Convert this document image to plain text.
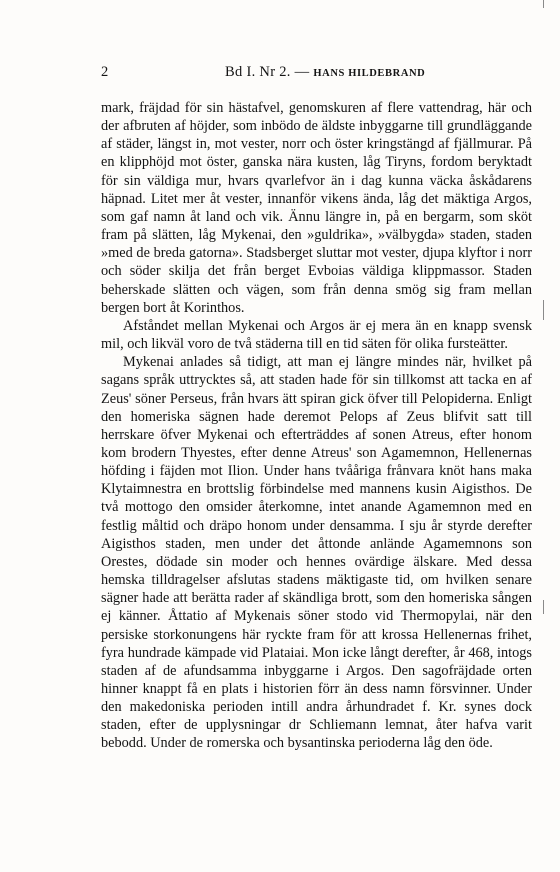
2	Bd I. Nr 2. — HANS HILDEBRAND

mark, fräjdad för sin hästafvel, genomskuren af flere vattendrag, här och der afbruten af höjder, som inbödo de äldste inbyggarne till grundläggande af städer, längst in, mot vester, norr och öster kringstängd af fjällmurar. På en klipphöjd mot öster, ganska nära kusten, låg Tiryns, fordom beryktadt för sin väldiga mur, hvars qvarlefvor än i dag kunna väcka åskådarens häpnad. Litet mer åt vester, innanför vikens ända, låg det mäktiga Argos, som gaf namn åt land och vik. Ännu längre in, på en bergarm, som sköt fram på slätten, låg Mykenai, den »guldrika», »välbygda» staden, staden »med de breda gatorna». Stadsberget sluttar mot vester, djupa klyftor i norr och söder skilja det från berget Evboias väldiga klippmassor. Staden beherskade slätten och vägen, som från denna smög sig fram mellan bergen bort åt Korinthos.

Afståndet mellan Mykenai och Argos är ej mera än en knapp svensk mil, och likväl voro de två städerna till en tid säten för olika fursteätter.

Mykenai anlades så tidigt, att man ej längre mindes när, hvilket på sagans språk uttrycktes så, att staden hade för sin tillkomst att tacka en af Zeus' söner Perseus, från hvars ätt spiran gick öfver till Pelopiderna. Enligt den homeriska sägnen hade deremot Pelops af Zeus blifvit satt till herrskare öfver Mykenai och efterträddes af sonen Atreus, efter honom kom brodern Thyestes, efter denne Atreus' son Agamemnon, Hellenernas höfding i fäjden mot Ilion. Under hans tvååriga frånvara knöt hans maka Klytaimnestra en brottslig förbindelse med mannens kusin Aigisthos. De två mottogo den omsider återkomne, intet anande Agamemnon med en festlig måltid och dräpo honom under densamma. I sju år styrde derefter Aigisthos staden, men under det åttonde anlände Agamemnons son Orestes, dödade sin moder och hennes ovärdige älskare. Med dessa hemska tilldragelser afslutas stadens mäktigaste tid, om hvilken senare sägner hade att berätta rader af skändliga brott, som den homeriska sången ej känner. Åttatio af Mykenais söner stodo vid Thermopylai, när den persiske storkonungens här ryckte fram för att krossa Hellenernas frihet, fyra hundrade kämpade vid Plataiai. Mon icke långt derefter, år 468, intogs staden af de afundsamma inbyggarne i Argos. Den sagofräjdade orten hinner knappt få en plats i historien förr än dess namn försvinner. Under den makedoniska perioden intill andra århundradet f. Kr. synes dock staden, efter de upplysningar dr Schliemann lemnat, åter hafva varit bebodd. Under de romerska och bysantinska perioderna låg den öde.
